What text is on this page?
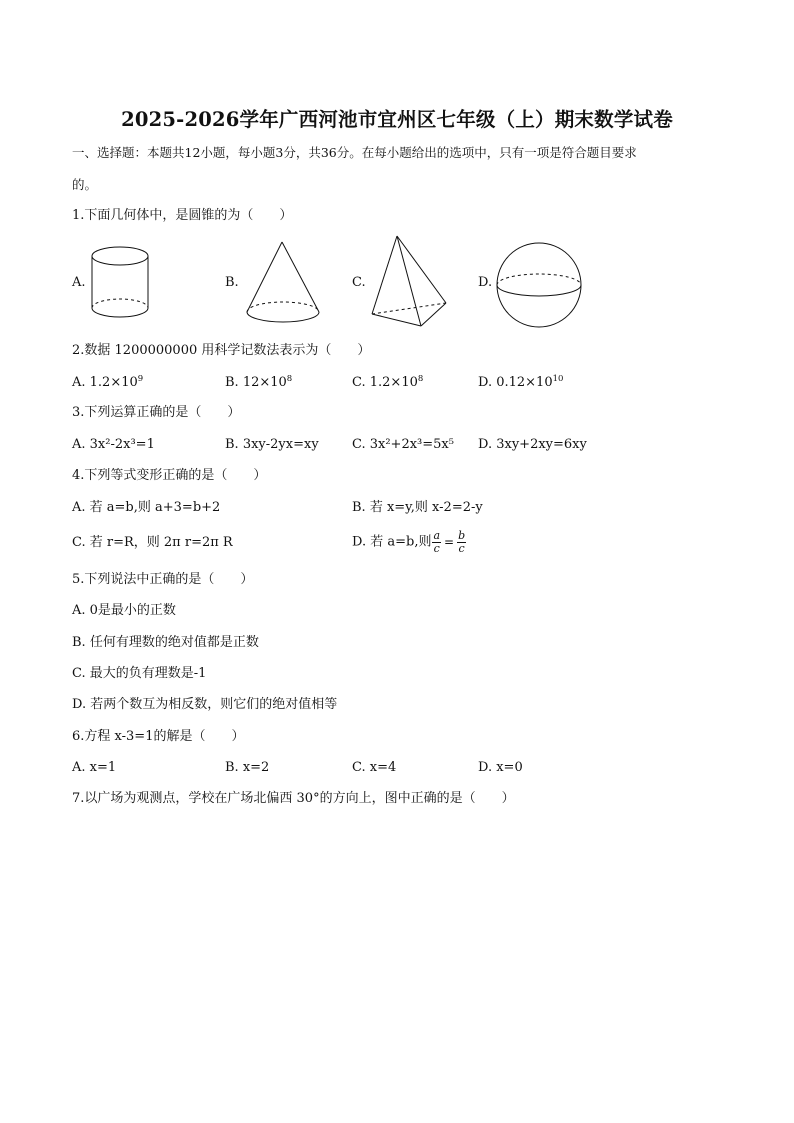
2025-2026学年广西河池市宜州区七年级（上）期末数学试卷
一、选择题：本题共12小题，每小题3分，共36分。在每小题给出的选项中，只有一项是符合题目要求
的。
1.下面几何体中，是圆锥的为（　　）
A.	B.	C.	D.
2.数据 1200000000 用科学记数法表示为（　　）
A. $1.2\times 10^9$	B. $12\times 10^8$	C. $1.2\times 10^8$	D. $0.12\times 10^{10}$
3.下列运算正确的是（　　）
A. 3x²-2x³=1	B. 3xy-2yx=xy	C. 3x²+2x³=5x⁵ D. 3xy+2xy=6xy
4.下列等式变形正确的是（　　）
A. 若 a=b,则 a+3=b+2	B. 若 x=y,则 x-2=2-y
C. 若 r=R，则 2π r=2π R	D. 若 a=b,则 $\frac{a}{c} = \frac{b}{c}$
5.下列说法中正确的是（　　）
A. 0是最小的正数
B. 任何有理数的绝对值都是正数
C. 最大的负有理数是-1
D. 若两个数互为相反数，则它们的绝对值相等
6.方程 x-3=1的解是（　　）
A. x=1	B. x=2	C. x=4	D. x=0
7.以广场为观测点，学校在广场北偏西 30°的方向上，图中正确的是（　　）
